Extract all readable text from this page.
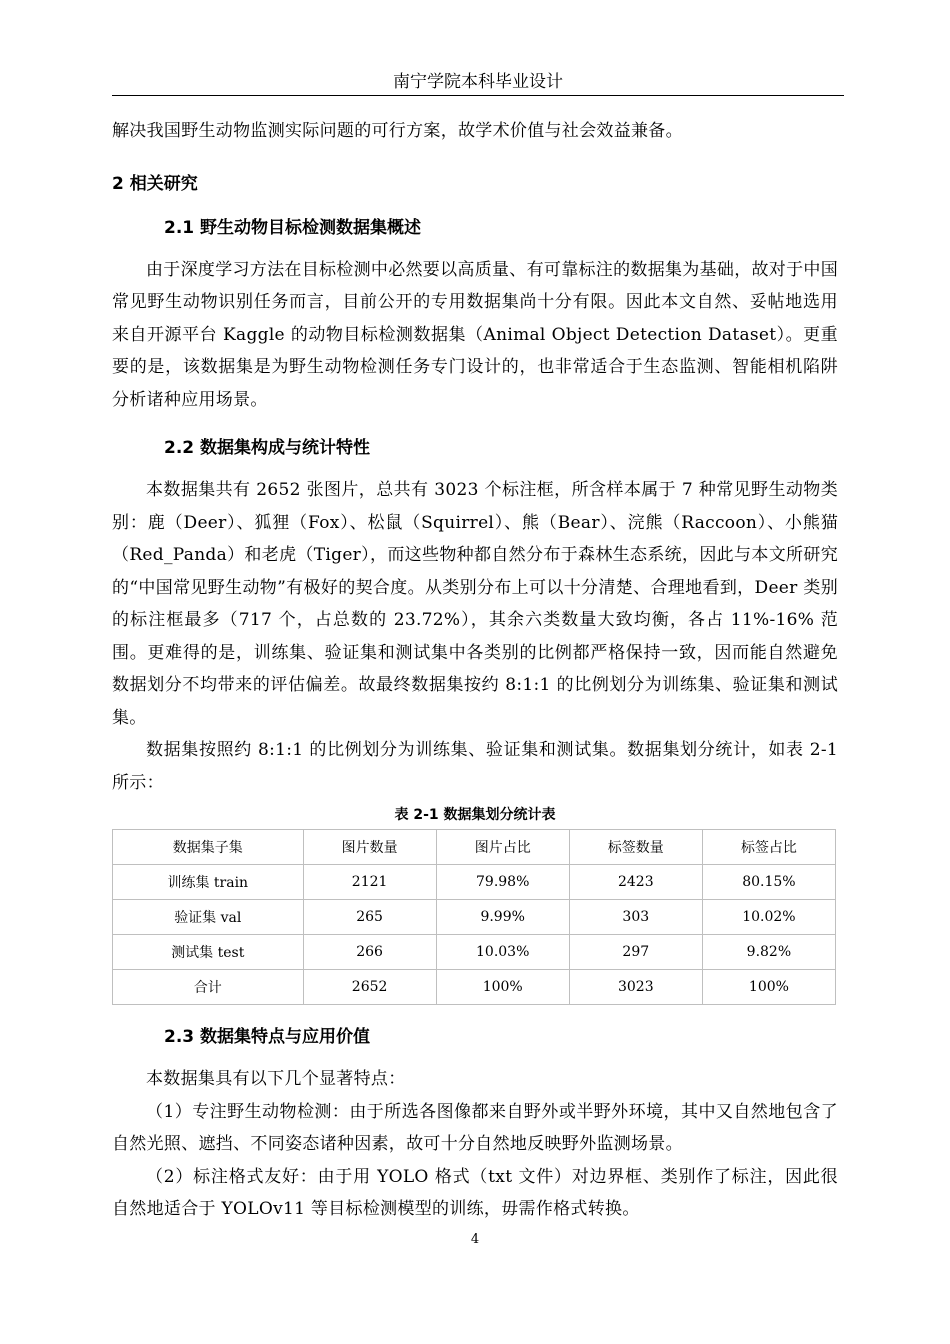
南宁学院本科毕业设计

解决我国野生动物监测实际问题的可行方案，故学术价值与社会效益兼备。

2 相关研究
2.1 野生动物目标检测数据集概述

由于深度学习方法在目标检测中必然要以高质量、有可靠标注的数据集为基础，故对于中国常见野生动物识别任务而言，目前公开的专用数据集尚十分有限。因此本文自然、妥帖地选用来自开源平台 Kaggle 的动物目标检测数据集（Animal Object Detection Dataset）。更重要的是，该数据集是为野生动物检测任务专门设计的，也非常适合于生态监测、智能相机陷阱分析诸种应用场景。

2.2 数据集构成与统计特性

本数据集共有 2652 张图片，总共有 3023 个标注框，所含样本属于 7 种常见野生动物类别：鹿（Deer）、狐狸（Fox）、松鼠（Squirrel）、熊（Bear）、浣熊（Raccoon）、小熊猫（Red_Panda）和老虎（Tiger），而这些物种都自然分布于森林生态系统，因此与本文所研究的“中国常见野生动物”有极好的契合度。从类别分布上可以十分清楚、合理地看到，Deer 类别的标注框最多（717 个，占总数的 23.72%），其余六类数量大致均衡，各占 11%-16% 范围。更难得的是，训练集、验证集和测试集中各类别的比例都严格保持一致，因而能自然避免数据划分不均带来的评估偏差。故最终数据集按约 8:1:1 的比例划分为训练集、验证集和测试集。

数据集按照约 8:1:1 的比例划分为训练集、验证集和测试集。数据集划分统计，如表 2-1 所示：

表 2-1 数据集划分统计表
数据集子集	图片数量	图片占比	标签数量	标签占比
训练集 train	2121	79.98%	2423	80.15%
验证集 val	265	9.99%	303	10.02%
测试集 test	266	10.03%	297	9.82%
合计	2652	100%	3023	100%
2.3 数据集特点与应用价值

本数据集具有以下几个显著特点：

（1）专注野生动物检测：由于所选各图像都来自野外或半野外环境，其中又自然地包含了自然光照、遮挡、不同姿态诸种因素，故可十分自然地反映野外监测场景。

（2）标注格式友好：由于用 YOLO 格式（txt 文件）对边界框、类别作了标注，因此很自然地适合于 YOLOv11 等目标检测模型的训练，毋需作格式转换。

4
